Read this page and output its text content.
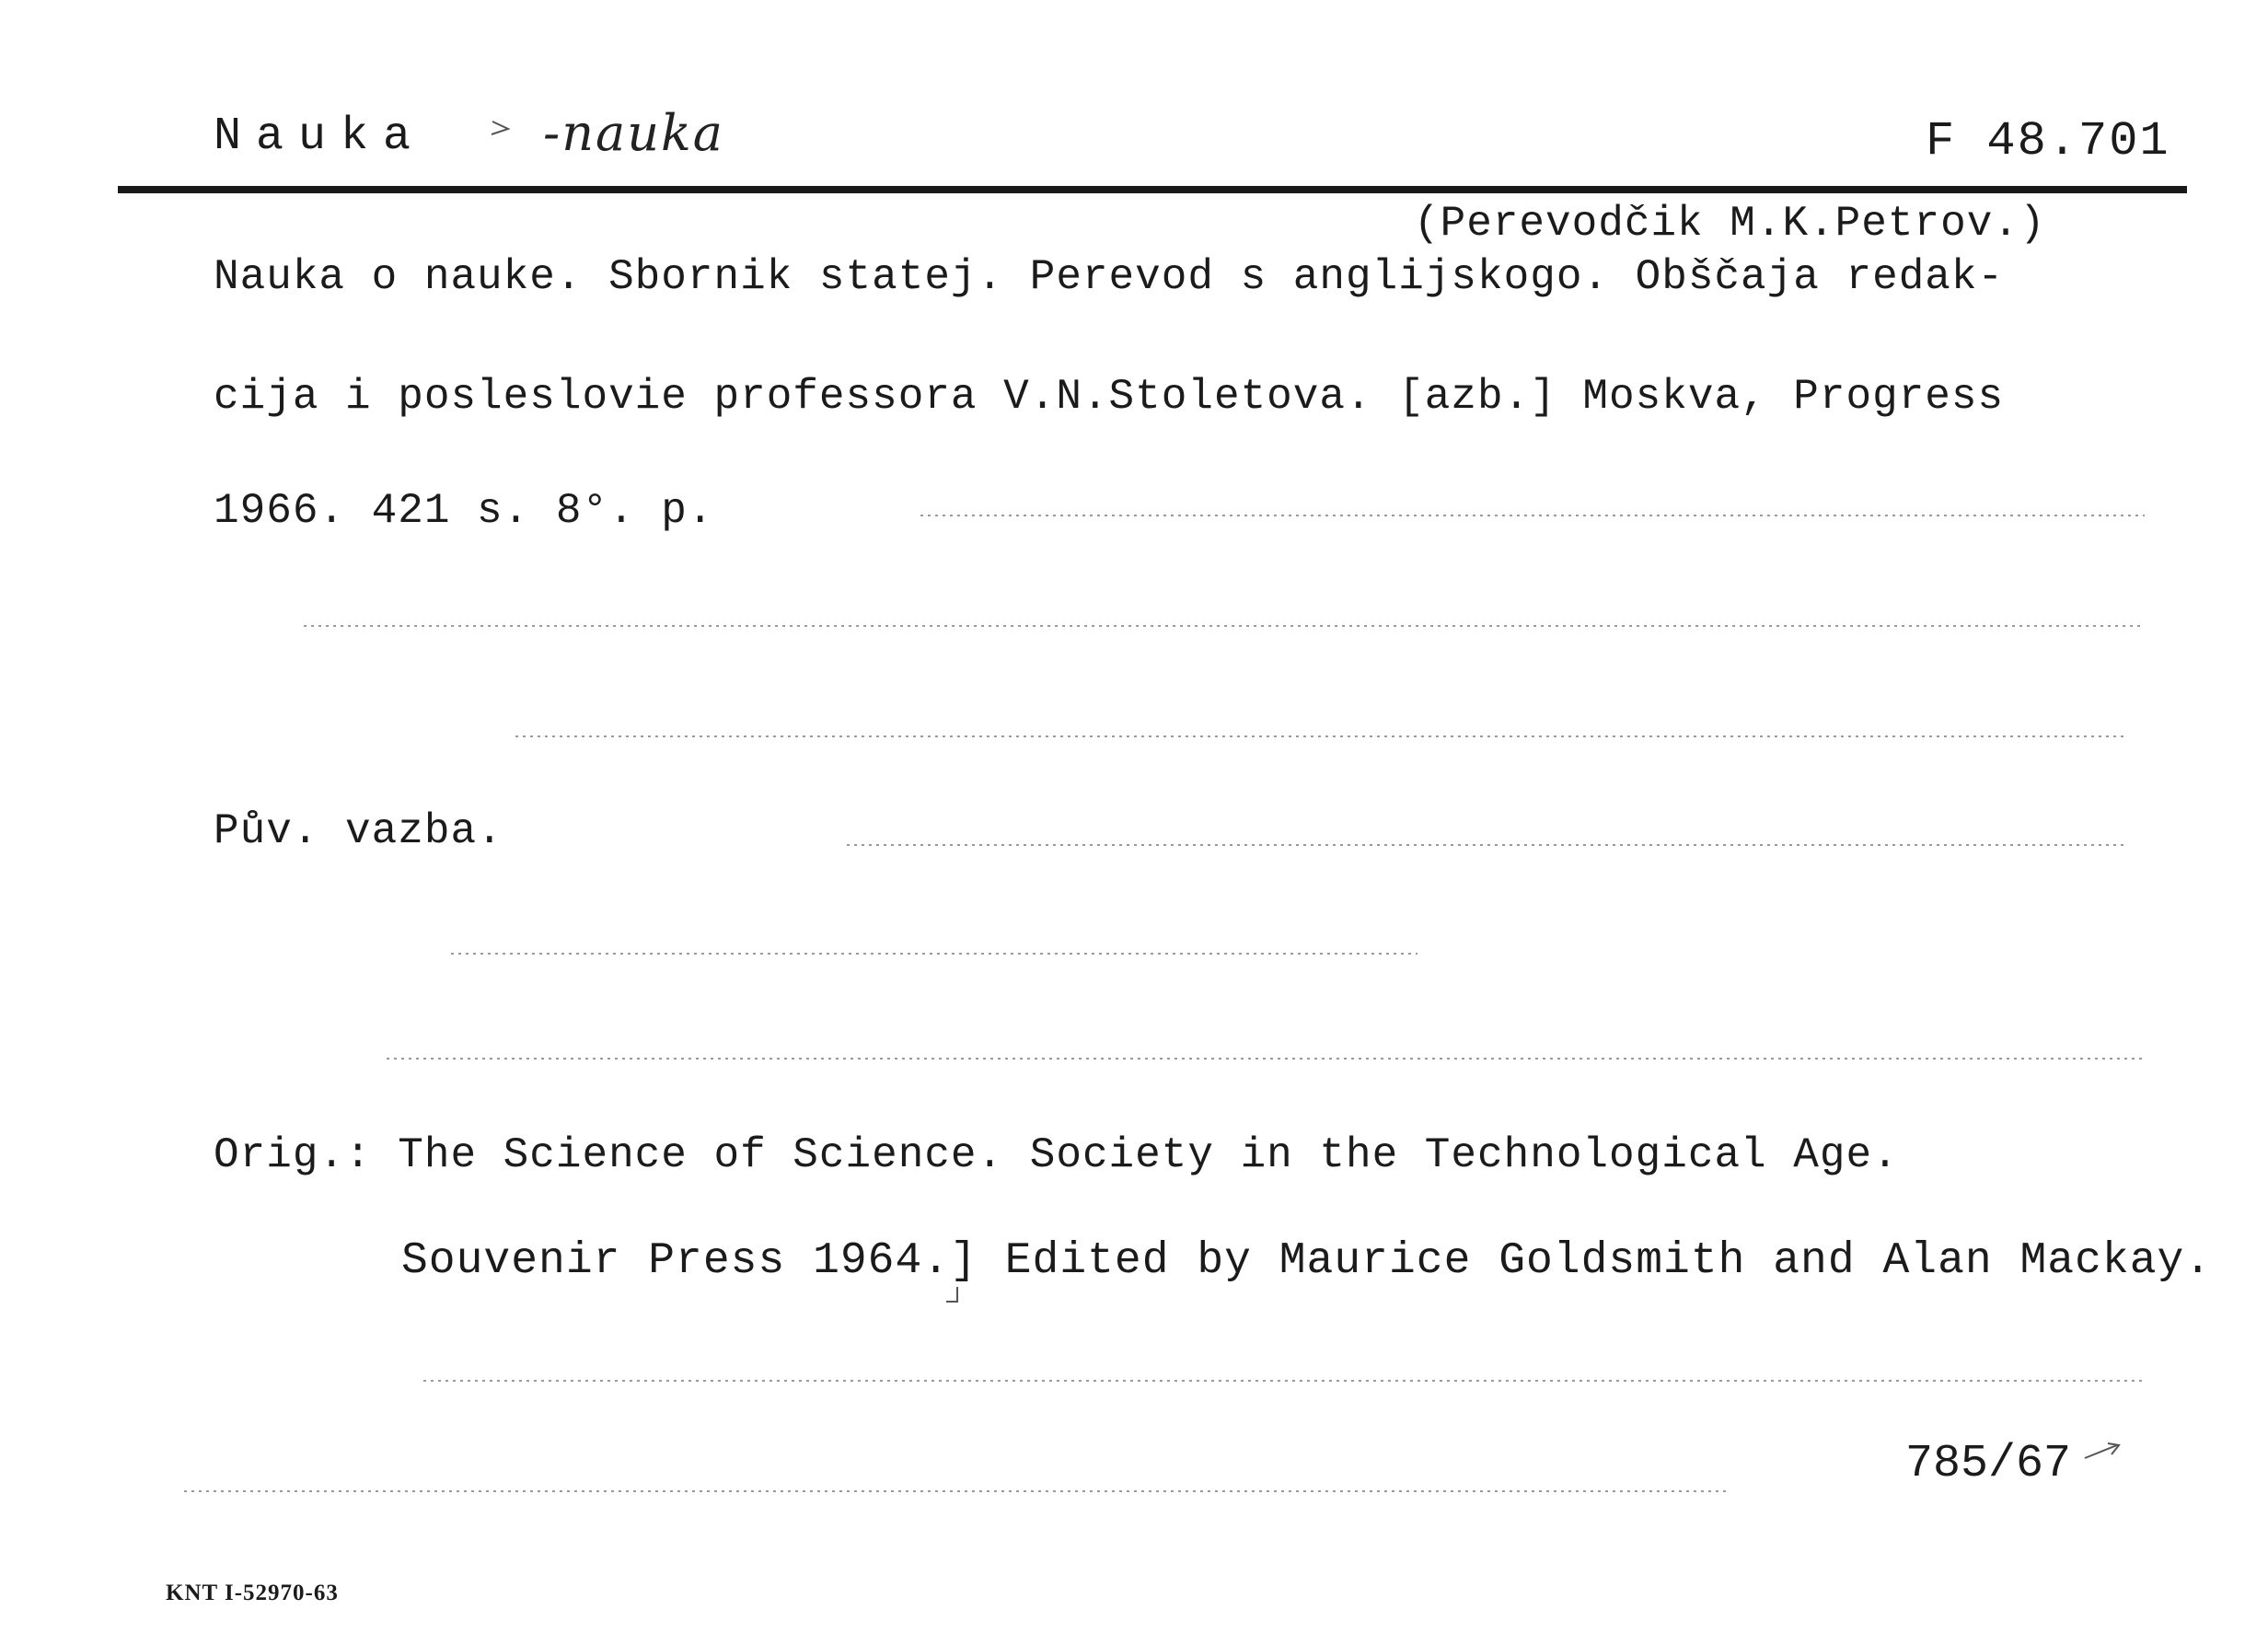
Nauka -nauka	F 48.701
(Perevodčik M.K.Petrov.)
Nauka o nauke. Sbornik statej. Perevod s anglijskogo. Obščaja redak-
cija i posleslovie professora V.N.Stoletova. [azb.] Moskva, Progress
1966. 421 s. 8°. p.
Pův. vazba.
Orig.: The Science of Science. Society in the Technological Age.
Souvenir Press 1964.] Edited by Maurice Goldsmith and Alan Mackay.
785/67
KNT I-52970-63
